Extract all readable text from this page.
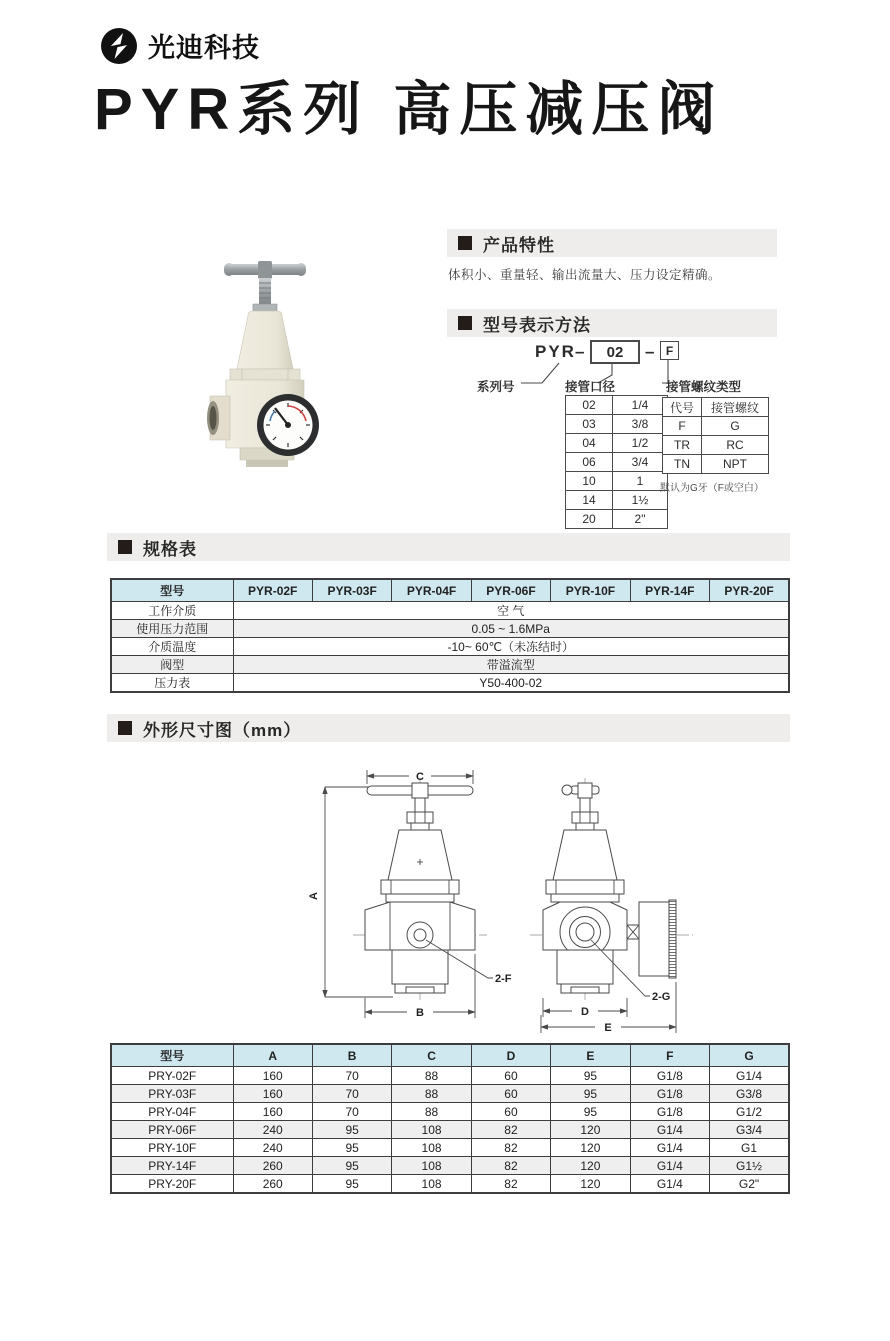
光迪科技
PYR系列 高压减压阀
产品特性
体积小、重量轻、输出流量大、压力设定精确。
型号表示方法
PYR –	02	– F
系列号	接管口径	接管螺纹类型
02	1/4
03	3/8
04	1/2
06	3/4
10	1
14	1½
20	2"
代号	接管螺纹
F	G
TR	RC
TN	NPT
默认为G牙（F或空白）
规格表
型号	PYR-02F	PYR-03F	PYR-04F	PYR-06F	PYR-10F	PYR-14F	PYR-20F
工作介质	空 气						
使用压力范围	0.05 ~ 1.6MPa						
介质温度	-10~ 60℃（未冻结时）						
阀型	带溢流型						
压力表	Y50-400-02						
外形尺寸图（mm）
C
A
2-F
B
2-G
D
E
型号	A	B	C	D	E	F	G
PRY-02F	160	70	88	60	95	G1/8	G1/4
PRY-03F	160	70	88	60	95	G1/8	G3/8
PRY-04F	160	70	88	60	95	G1/8	G1/2
PRY-06F	240	95	108	82	120	G1/4	G3/4
PRY-10F	240	95	108	82	120	G1/4	G1
PRY-14F	260	95	108	82	120	G1/4	G1½
PRY-20F	260	95	108	82	120	G1/4	G2"
